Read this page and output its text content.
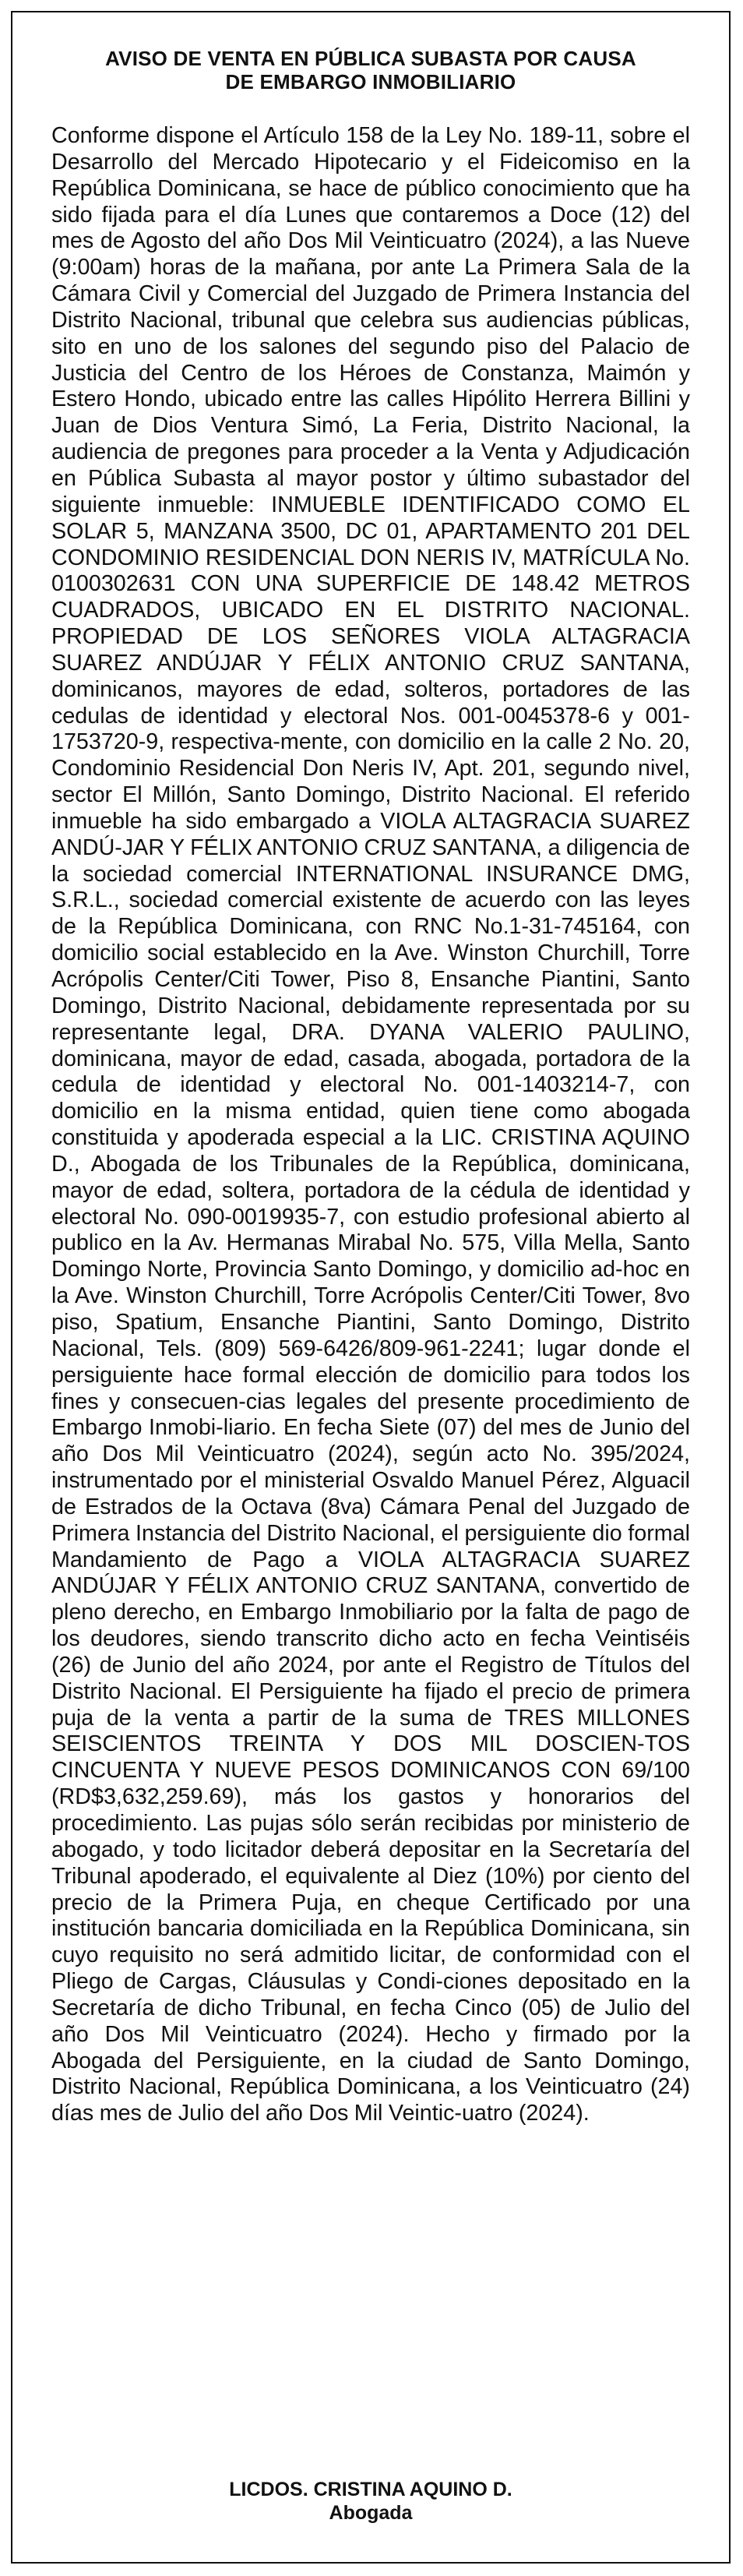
AVISO DE VENTA EN PÚBLICA SUBASTA POR CAUSA
DE EMBARGO INMOBILIARIO

Conforme dispone el Artículo 158 de la Ley No. 189-11, sobre el Desarrollo del Mercado Hipotecario y el Fideicomiso en la República Dominicana, se hace de público conocimiento que ha sido fijada para el día Lunes que contaremos a Doce (12) del mes de Agosto del año Dos Mil Veinticuatro (2024), a las Nueve (9:00am) horas de la mañana, por ante La Primera Sala de la Cámara Civil y Comercial del Juzgado de Primera Instancia del Distrito Nacional, tribunal que celebra sus audiencias públicas, sito en uno de los salones del segundo piso del Palacio de Justicia del Centro de los Héroes de Constanza, Maimón y Estero Hondo, ubicado entre las calles Hipólito Herrera Billini y Juan de Dios Ventura Simó, La Feria, Distrito Nacional, la audiencia de pregones para proceder a la Venta y Adjudicación en Pública Subasta al mayor postor y último subastador del siguiente inmueble: INMUEBLE IDENTIFICADO COMO EL SOLAR 5, MANZANA 3500, DC 01, APARTAMENTO 201 DEL CONDOMINIO RESIDENCIAL DON NERIS IV, MATRÍCULA No. 0100302631 CON UNA SUPERFICIE DE 148.42 METROS CUADRADOS, UBICADO EN EL DISTRITO NACIONAL. PROPIEDAD DE LOS SEÑORES VIOLA ALTAGRACIA SUAREZ ANDÚJAR Y FÉLIX ANTONIO CRUZ SANTANA, dominicanos, mayores de edad, solteros, portadores de las cedulas de identidad y electoral Nos. 001-0045378-6 y 001-1753720-9, respectiva-mente, con domicilio en la calle 2 No. 20, Condominio Residencial Don Neris IV, Apt. 201, segundo nivel, sector El Millón, Santo Domingo, Distrito Nacional. El referido inmueble ha sido embargado a VIOLA ALTAGRACIA SUAREZ ANDÚ-JAR Y FÉLIX ANTONIO CRUZ SANTANA, a diligencia de la sociedad comercial INTERNATIONAL INSURANCE DMG, S.R.L., sociedad comercial existente de acuerdo con las leyes de la República Dominicana, con RNC No.1-31-745164, con domicilio social establecido en la Ave. Winston Churchill, Torre Acrópolis Center/Citi Tower, Piso 8, Ensanche Piantini, Santo Domingo, Distrito Nacional, debidamente representada por su representante legal, DRA. DYANA VALERIO PAULINO, dominicana, mayor de edad, casada, abogada, portadora de la cedula de identidad y electoral No. 001-1403214-7, con domicilio en la misma entidad, quien tiene como abogada constituida y apoderada especial a la LIC. CRISTINA AQUINO D., Abogada de los Tribunales de la República, dominicana, mayor de edad, soltera, portadora de la cédula de identidad y electoral No. 090-0019935-7, con estudio profesional abierto al publico en la Av. Hermanas Mirabal No. 575, Villa Mella, Santo Domingo Norte, Provincia Santo Domingo, y domicilio ad-hoc en la Ave. Winston Churchill, Torre Acrópolis Center/Citi Tower, 8vo piso, Spatium, Ensanche Piantini, Santo Domingo, Distrito Nacional, Tels. (809) 569-6426/809-961-2241; lugar donde el persiguiente hace formal elección de domicilio para todos los fines y consecuen-cias legales del presente procedimiento de Embargo Inmobi-liario. En fecha Siete (07) del mes de Junio del año Dos Mil Veinticuatro (2024), según acto No. 395/2024, instrumentado por el ministerial Osvaldo Manuel Pérez, Alguacil de Estrados de la Octava (8va) Cámara Penal del Juzgado de Primera Instancia del Distrito Nacional, el persiguiente dio formal Mandamiento de Pago a VIOLA ALTAGRACIA SUAREZ ANDÚJAR Y FÉLIX ANTONIO CRUZ SANTANA, convertido de pleno derecho, en Embargo Inmobiliario por la falta de pago de los deudores, siendo transcrito dicho acto en fecha Veintiséis (26) de Junio del año 2024, por ante el Registro de Títulos del Distrito Nacional. El Persiguiente ha fijado el precio de primera puja de la venta a partir de la suma de TRES MILLONES SEISCIENTOS TREINTA Y DOS MIL DOSCIEN-TOS CINCUENTA Y NUEVE PESOS DOMINICANOS CON 69/100 (RD$3,632,259.69), más los gastos y honorarios del procedimiento. Las pujas sólo serán recibidas por ministerio de abogado, y todo licitador deberá depositar en la Secretaría del Tribunal apoderado, el equivalente al Diez (10%) por ciento del precio de la Primera Puja, en cheque Certificado por una institución bancaria domiciliada en la República Dominicana, sin cuyo requisito no será admitido licitar, de conformidad con el Pliego de Cargas, Cláusulas y Condi-ciones depositado en la Secretaría de dicho Tribunal, en fecha Cinco (05) de Julio del año Dos Mil Veinticuatro (2024). Hecho y firmado por la Abogada del Persiguiente, en la ciudad de Santo Domingo, Distrito Nacional, República Dominicana, a los Veinticuatro (24) días mes de Julio del año Dos Mil Veintic-uatro (2024).

LICDOS. CRISTINA AQUINO D.
Abogada
